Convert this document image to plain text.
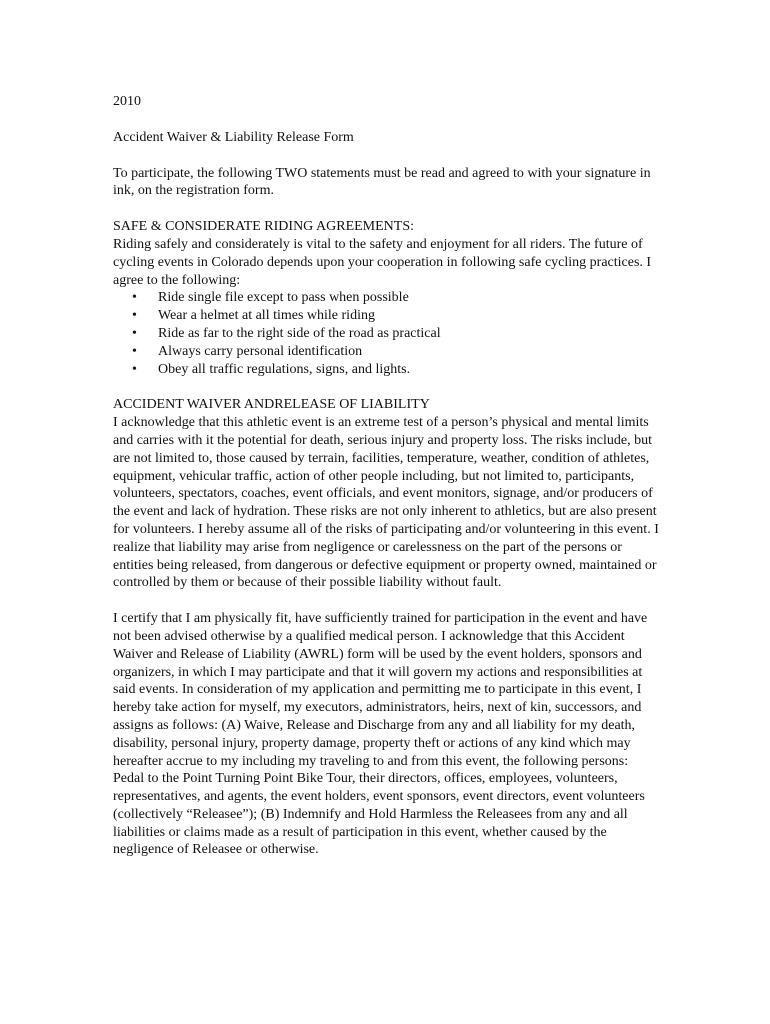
2010

Accident Waiver & Liability Release Form

To participate, the following TWO statements must be read and agreed to with your signature in ink, on the registration form.

SAFE & CONSIDERATE RIDING AGREEMENTS:

Riding safely and considerately is vital to the safety and enjoyment for all riders. The future of cycling events in Colorado depends upon your cooperation in following safe cycling practices. I agree to the following:

• Ride single file except to pass when possible
• Wear a helmet at all times while riding
• Ride as far to the right side of the road as practical
• Always carry personal identification
• Obey all traffic regulations, signs, and lights.

ACCIDENT WAIVER ANDRELEASE OF LIABILITY

I acknowledge that this athletic event is an extreme test of a person’s physical and mental limits and carries with it the potential for death, serious injury and property loss. The risks include, but are not limited to, those caused by terrain, facilities, temperature, weather, condition of athletes, equipment, vehicular traffic, action of other people including, but not limited to, participants, volunteers, spectators, coaches, event officials, and event monitors, signage, and/or producers of the event and lack of hydration. These risks are not only inherent to athletics, but are also present for volunteers. I hereby assume all of the risks of participating and/or volunteering in this event. I realize that liability may arise from negligence or carelessness on the part of the persons or entities being released, from dangerous or defective equipment or property owned, maintained or controlled by them or because of their possible liability without fault.

I certify that I am physically fit, have sufficiently trained for participation in the event and have not been advised otherwise by a qualified medical person. I acknowledge that this Accident Waiver and Release of Liability (AWRL) form will be used by the event holders, sponsors and organizers, in which I may participate and that it will govern my actions and responsibilities at said events. In consideration of my application and permitting me to participate in this event, I hereby take action for myself, my executors, administrators, heirs, next of kin, successors, and assigns as follows: (A) Waive, Release and Discharge from any and all liability for my death, disability, personal injury, property damage, property theft or actions of any kind which may hereafter accrue to my including my traveling to and from this event, the following persons: Pedal to the Point Turning Point Bike Tour, their directors, offices, employees, volunteers, representatives, and agents, the event holders, event sponsors, event directors, event volunteers (collectively “Releasee”); (B) Indemnify and Hold Harmless the Releasees from any and all liabilities or claims made as a result of participation in this event, whether caused by the negligence of Releasee or otherwise.
